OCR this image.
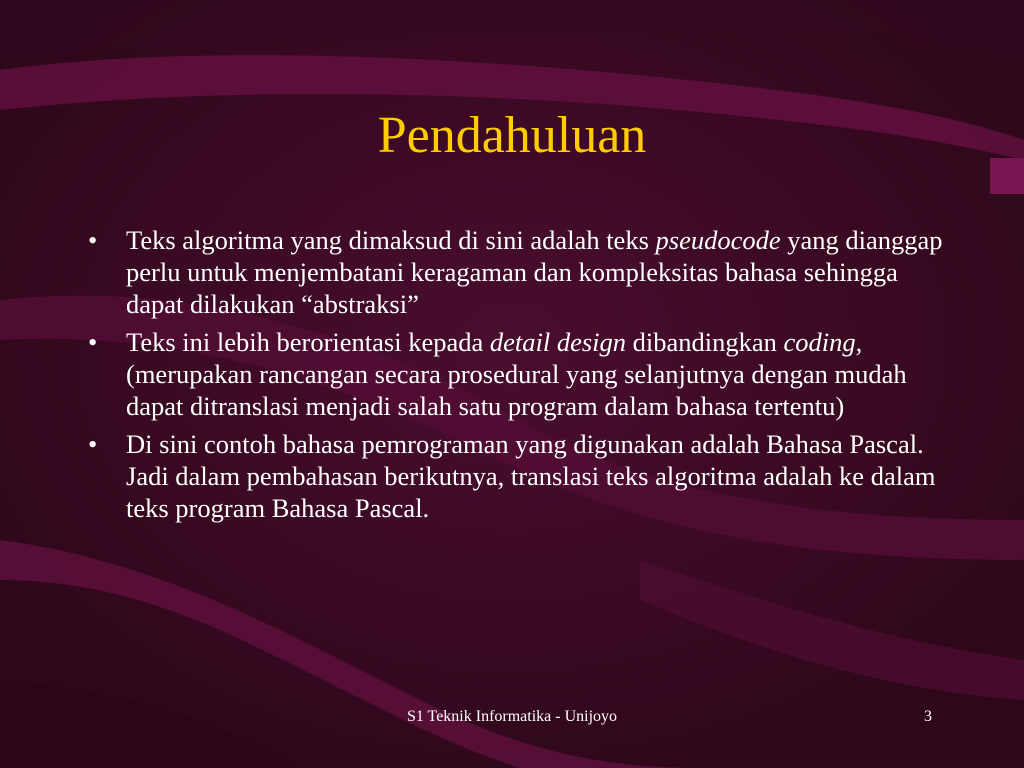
Pendahuluan
• Teks algoritma yang dimaksud di sini adalah teks pseudocode yang dianggap perlu untuk menjembatani keragaman dan kompleksitas bahasa sehingga dapat dilakukan “abstraksi”
• Teks ini lebih berorientasi kepada detail design dibandingkan coding, (merupakan rancangan secara prosedural yang selanjutnya dengan mudah dapat ditranslasi menjadi salah satu program dalam bahasa tertentu)
• Di sini contoh bahasa pemrograman yang digunakan adalah Bahasa Pascal. Jadi dalam pembahasan berikutnya, translasi teks algoritma adalah ke dalam teks program Bahasa Pascal.
S1 Teknik Informatika - Unijoyo	3
